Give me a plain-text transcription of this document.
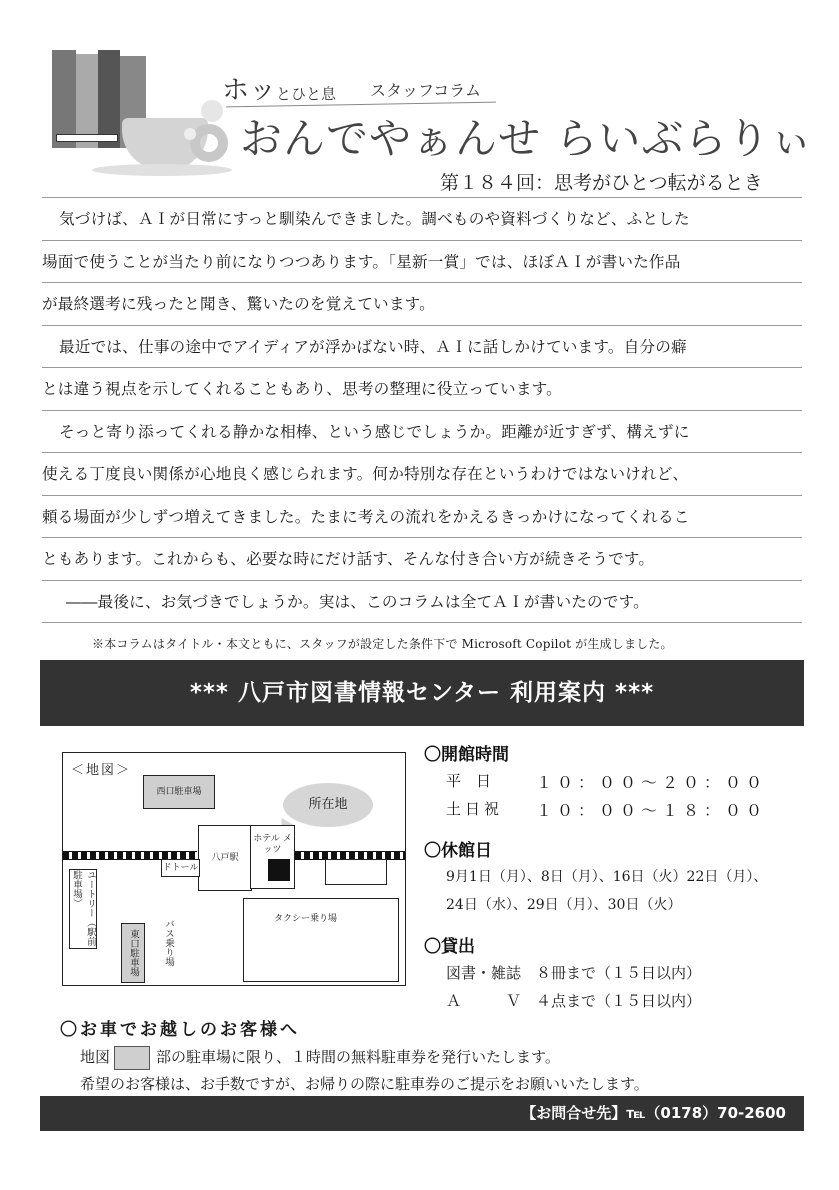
ホッとひと息 スタッフコラム
おんでやぁんせ らいぶらりぃ
第１８４回：思考がひとつ転がるとき
気づけば、ＡＩが日常にすっと馴染んできました。調べものや資料づくりなど、ふとした
場面で使うことが当たり前になりつつあります。「星新一賞」では、ほぼＡＩが書いた作品
が最終選考に残ったと聞き、驚いたのを覚えています。
最近では、仕事の途中でアイディアが浮かばない時、ＡＩに話しかけています。自分の癖
とは違う視点を示してくれることもあり、思考の整理に役立っています。
そっと寄り添ってくれる静かな相棒、という感じでしょうか。距離が近すぎず、構えずに
使える丁度良い関係が心地良く感じられます。何か特別な存在というわけではないけれど、
頼る場面が少しずつ増えてきました。たまに考えの流れをかえるきっかけになってくれるこ
ともあります。これからも、必要な時にだけ話す、そんな付き合い方が続きそうです。
――最後に、お気づきでしょうか。実は、このコラムは全てＡＩが書いたのです。
※本コラムはタイトル・本文ともに、スタッフが設定した条件下で Microsoft Copilot が生成しました。
*** 八戸市図書情報センター 利用案内 ***
＜地図＞
西口駐車場
所在地
八戸駅
ホテル メッツ
ドトール
ユートリー（駅前駐車場）
東口駐車場	バス乗り場	タクシー乗り場
〇開館時間
平　日	１０：００～２０：００
土日祝 １０：００～１８：００
〇休館日
9月1日（月）、8日（月）、16日（火）22日（月）、
24日（水）、29日（月）、30日（火）
〇貸出
図書・雑誌　８冊まで（１５日以内）
Ａ　　　Ｖ　４点まで（１５日以内）
〇お車でお越しのお客様へ
地図	部の駐車場に限り、１時間の無料駐車券を発行いたします。
希望のお客様は、お手数ですが、お帰りの際に駐車券のご提示をお願いいたします。
【お問合せ先】℡（0178）70-2600
